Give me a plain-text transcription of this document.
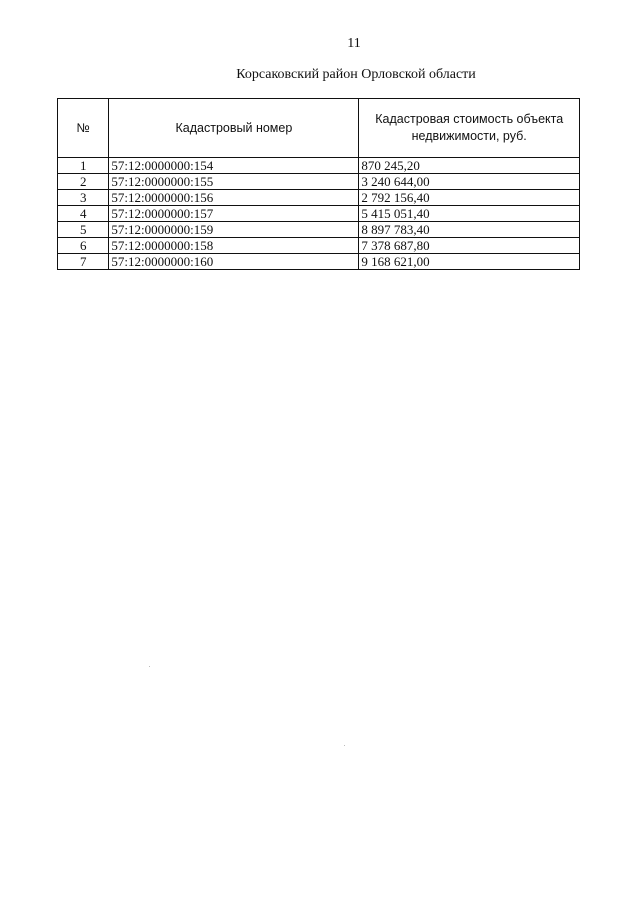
11
Корсаковский район Орловской области
№	Кадастровый номер	Кадастровая стоимость объекта недвижимости, руб.
1	57:12:0000000:154	870 245,20
2	57:12:0000000:155	3 240 644,00
3	57:12:0000000:156	2 792 156,40
4	57:12:0000000:157	5 415 051,40
5	57:12:0000000:159	8 897 783,40
6	57:12:0000000:158	7 378 687,80
7	57:12:0000000:160	9 168 621,00
